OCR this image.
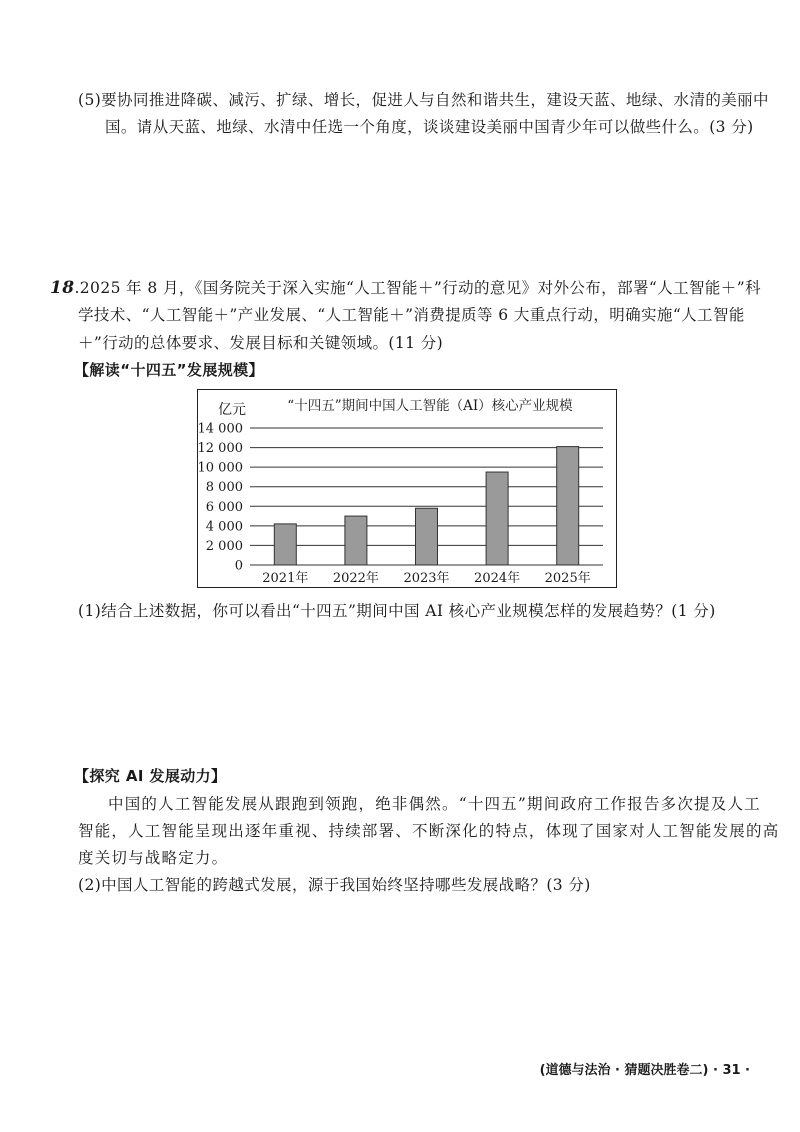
(5)要协同推进降碳、减污、扩绿、增长，促进人与自然和谐共生，建设天蓝、地绿、水清的美丽中
国。请从天蓝、地绿、水清中任选一个角度，谈谈建设美丽中国青少年可以做些什么。(3 分)
18.2025 年 8 月，《国务院关于深入实施“人工智能＋”行动的意见》对外公布，部署“人工智能＋”科
学技术、“人工智能＋”产业发展、“人工智能＋”消费提质等 6 大重点行动，明确实施“人工智能
＋”行动的总体要求、发展目标和关键领域。(11 分)
【解读“十四五”发展规模】
“十四五”期间中国人工智能（AI）核心产业规模
亿元
0
2 000
4 000
6 000
8 000
10 000
12 000
14 000
2021年 2022年 2023年 2024年 2025年
(1)结合上述数据，你可以看出“十四五”期间中国 AI 核心产业规模怎样的发展趋势？(1 分)
【探究 AI 发展动力】
中国的人工智能发展从跟跑到领跑，绝非偶然。“十四五”期间政府工作报告多次提及人工
智能，人工智能呈现出逐年重视、持续部署、不断深化的特点，体现了国家对人工智能发展的高
度关切与战略定力。
(2)中国人工智能的跨越式发展，源于我国始终坚持哪些发展战略？(3 分)
(道德与法治 · 猜题决胜卷二) · 31 ·
